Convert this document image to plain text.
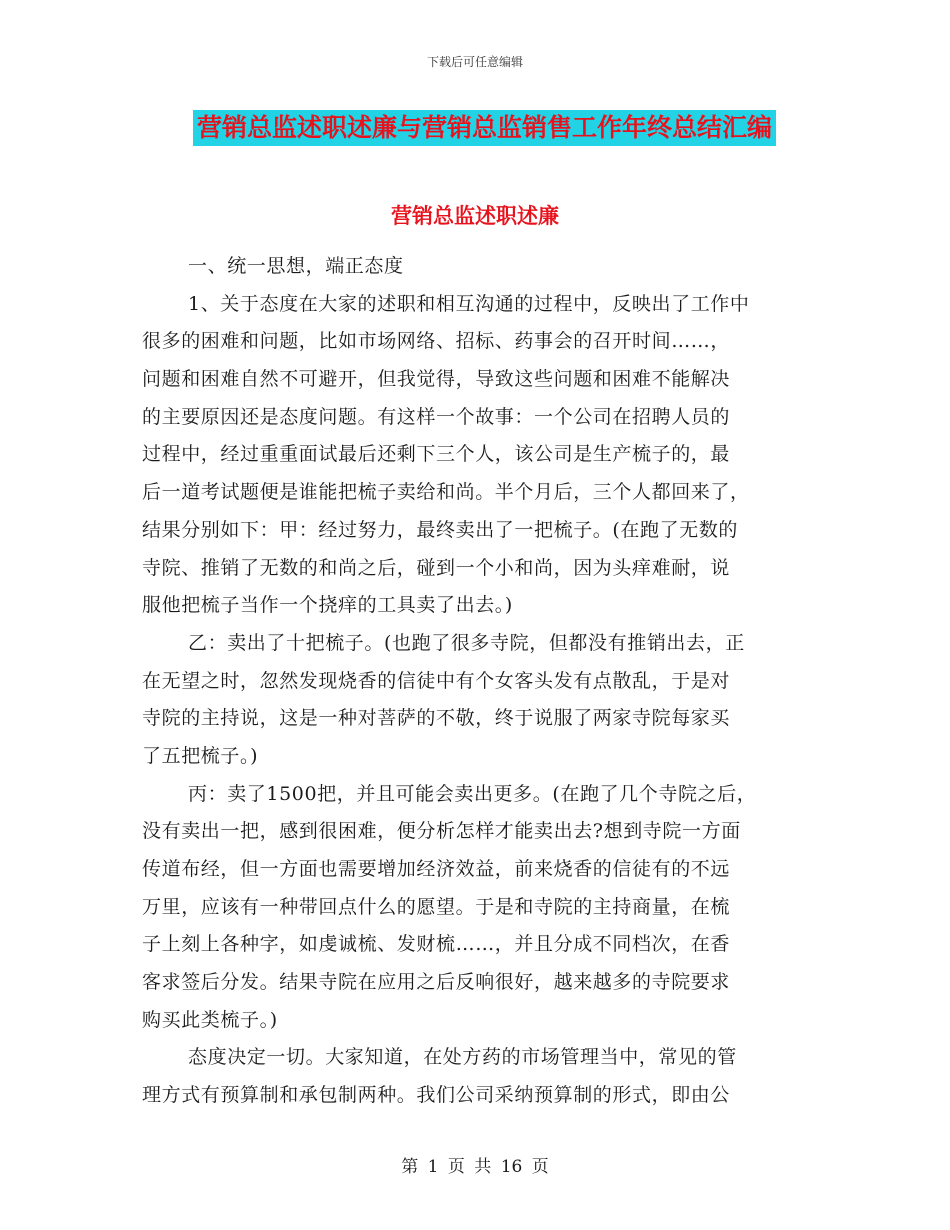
下载后可任意编辑
营销总监述职述廉与营销总监销售工作年终总结汇编
营销总监述职述廉
一、统一思想，端正态度
1、关于态度在大家的述职和相互沟通的过程中，反映出了工作中
很多的困难和问题，比如市场网络、招标、药事会的召开时间……，
问题和困难自然不可避开，但我觉得，导致这些问题和困难不能解决
的主要原因还是态度问题。有这样一个故事：一个公司在招聘人员的
过程中，经过重重面试最后还剩下三个人，该公司是生产梳子的，最
后一道考试题便是谁能把梳子卖给和尚。半个月后，三个人都回来了，
结果分别如下：甲：经过努力，最终卖出了一把梳子。(在跑了无数的
寺院、推销了无数的和尚之后，碰到一个小和尚，因为头痒难耐，说
服他把梳子当作一个挠痒的工具卖了出去。)
乙：卖出了十把梳子。(也跑了很多寺院，但都没有推销出去，正
在无望之时，忽然发现烧香的信徒中有个女客头发有点散乱，于是对
寺院的主持说，这是一种对菩萨的不敬，终于说服了两家寺院每家买
了五把梳子。)
丙：卖了1500把，并且可能会卖出更多。(在跑了几个寺院之后，
没有卖出一把，感到很困难，便分析怎样才能卖出去?想到寺院一方面
传道布经，但一方面也需要增加经济效益，前来烧香的信徒有的不远
万里，应该有一种带回点什么的愿望。于是和寺院的主持商量，在梳
子上刻上各种字，如虔诚梳、发财梳……，并且分成不同档次，在香
客求签后分发。结果寺院在应用之后反响很好，越来越多的寺院要求
购买此类梳子。)
态度决定一切。大家知道，在处方药的市场管理当中，常见的管
理方式有预算制和承包制两种。我们公司采纳预算制的形式，即由公
第 1 页 共 16 页
